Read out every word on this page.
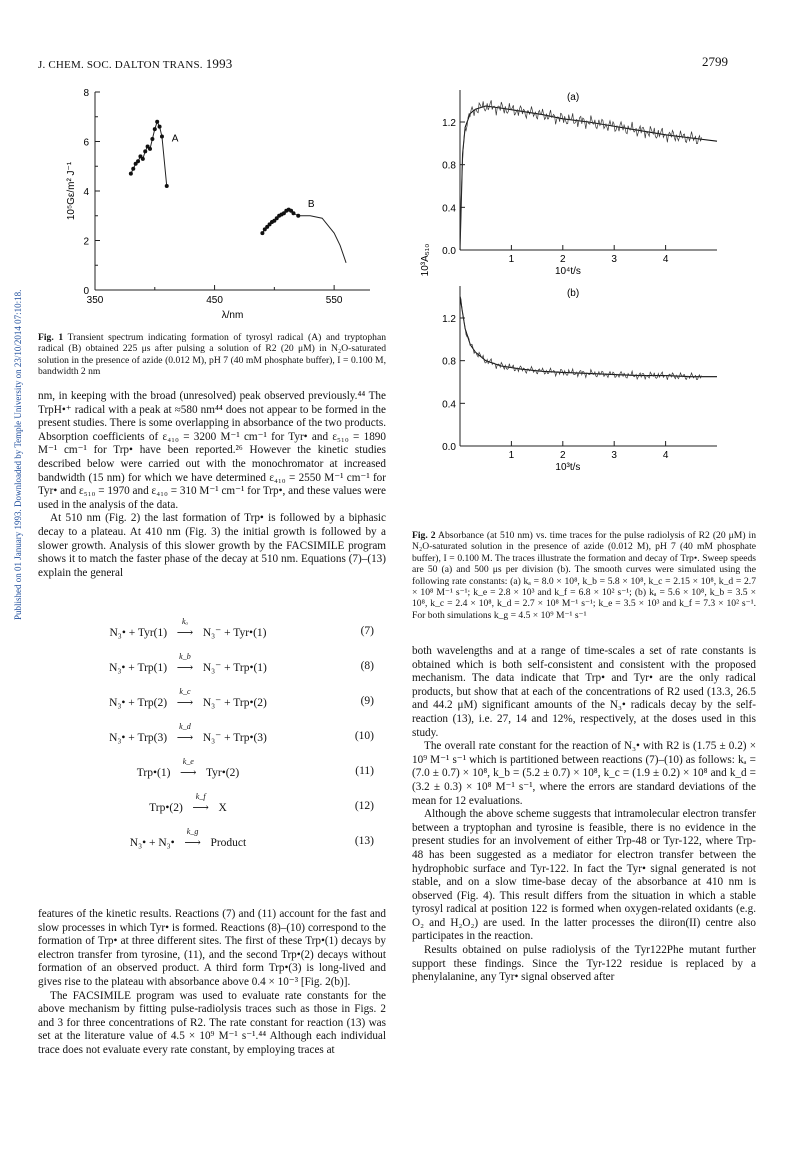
J. CHEM. SOC. DALTON TRANS. 1993	2799
Published on 01 January 1993. Downloaded by Temple University on 23/10/2014 07:10:18.	0
2
4
6
8
350	450	550
λ/nm
10⁵Gε/m² J⁻¹
A
B
Fig. 1 Transient spectrum indicating formation of tyrosyl radical (A) and tryptophan radical (B) obtained 225 μs after pulsing a solution of R2 (20 μM) in N₂O-saturated solution in the presence of azide (0.012 M), pH 7 (40 mM phosphate buffer), I = 0.100 M, bandwidth 2 nm

nm, in keeping with the broad (unresolved) peak observed previously.⁴⁴ The TrpH•⁺ radical with a peak at ≈580 nm⁴⁴ does not appear to be formed in the present studies. There is some overlapping in absorbance of the two products. Absorption coefficients of ε₄₁₀ = 3200 M⁻¹ cm⁻¹ for Tyr• and ε₅₁₀ = 1890 M⁻¹ cm⁻¹ for Trp• have been reported.²⁶ However the kinetic studies described below were carried out with the monochromator at increased bandwidth (15 nm) for which we have determined ε₄₁₀ = 2550 M⁻¹ cm⁻¹ for Tyr• and ε₅₁₀ = 1970 and ε₄₁₀ = 310 M⁻¹ cm⁻¹ for Trp•, and these values were used in the analysis of the data.

At 510 nm (Fig. 2) the last formation of Trp• is followed by a biphasic decay to a plateau. At 410 nm (Fig. 3) the initial growth is followed by a slower growth. Analysis of this slower growth by the FACSIMILE program shows it to match the faster phase of the decay at 510 nm. Equations (7)–(13) explain the general

N₃• + Tyr(1)
kₐ
⟶ N₃⁻ + Tyr•(1)	(7)
N₃• + Trp(1)
k_b
⟶ N₃⁻ + Trp•(1)	(8)
N₃• + Trp(2)
k_c
⟶ N₃⁻ + Trp•(2)	(9)
N₃• + Trp(3)
k_d
⟶ N₃⁻ + Trp•(3)	(10)
Trp•(1)
k_e
⟶ Tyr•(2)	(11)
Trp•(2)
k_f
⟶ X	(12)
N₃• + N₃•
k_g
⟶ Product	(13)

features of the kinetic results. Reactions (7) and (11) account for the fast and slow processes in which Tyr• is formed. Reactions (8)–(10) correspond to the formation of Trp• at three different sites. The first of these Trp•(1) decays by electron transfer from tyrosine, (11), and the second Trp•(2) decays without formation of an observed product. A third form Trp•(3) is long-lived and gives rise to the plateau with absorbance above 0.4 × 10⁻³ [Fig. 2(b)].

The FACSIMILE program was used to evaluate rate constants for the above mechanism by fitting pulse-radiolysis traces such as those in Figs. 2 and 3 for three concentrations of R2. The rate constant for reaction (13) was set at the literature value of 4.5 × 10⁹ M⁻¹ s⁻¹.⁴⁴ Although each individual trace does not evaluate every rate constant, by employing traces at

0.0
0.4
0.8
1.2
1	2	3	4
10⁴t/s
(a)
0.0
0.4
0.8
1.2
1	2	3	4
10³t/s
(b)
10³A₅₁₀
Fig. 2 Absorbance (at 510 nm) vs. time traces for the pulse radiolysis of R2 (20 μM) in N₂O-saturated solution in the presence of azide (0.012 M), pH 7 (40 mM phosphate buffer), I = 0.100 M. The traces illustrate the formation and decay of Trp•. Sweep speeds are 50 (a) and 500 μs per division (b). The smooth curves were simulated using the following rate constants: (a) kₐ = 8.0 × 10⁸, k_b = 5.8 × 10⁸, k_c = 2.15 × 10⁸, k_d = 2.7 × 10⁸ M⁻¹ s⁻¹; k_e = 2.8 × 10³ and k_f = 6.8 × 10² s⁻¹; (b) kₐ = 5.6 × 10⁸, k_b = 3.5 × 10⁸, k_c = 2.4 × 10⁸, k_d = 2.7 × 10⁸ M⁻¹ s⁻¹; k_e = 3.5 × 10³ and k_f = 7.3 × 10² s⁻¹. For both simulations k_g = 4.5 × 10⁹ M⁻¹ s⁻¹

both wavelengths and at a range of time-scales a set of rate constants is obtained which is both self-consistent and consistent with the proposed mechanism. The data indicate that Trp• and Tyr• are the only radical products, but show that at each of the concentrations of R2 used (13.3, 26.5 and 44.2 μM) significant amounts of the N₃• radicals decay by the self-reaction (13), i.e. 27, 14 and 12%, respectively, at the doses used in this study.

The overall rate constant for the reaction of N₃• with R2 is (1.75 ± 0.2) × 10⁹ M⁻¹ s⁻¹ which is partitioned between reactions (7)–(10) as follows: kₐ = (7.0 ± 0.7) × 10⁸, k_b = (5.2 ± 0.7) × 10⁸, k_c = (1.9 ± 0.2) × 10⁸ and k_d = (3.2 ± 0.3) × 10⁸ M⁻¹ s⁻¹, where the errors are standard deviations of the mean for 12 evaluations.

Although the above scheme suggests that intramolecular electron transfer between a tryptophan and tyrosine is feasible, there is no evidence in the present studies for an involvement of either Trp-48 or Tyr-122, where Trp-48 has been suggested as a mediator for electron transfer between the hydrophobic surface and Tyr-122. In fact the Tyr• signal generated is not stable, and on a slow time-base decay of the absorbance at 410 nm is observed (Fig. 4). This result differs from the situation in which a stable tyrosyl radical at position 122 is formed when oxygen-related oxidants (e.g. O₂ and H₂O₂) are used. In the latter processes the diiron(II) centre also participates in the reaction.

Results obtained on pulse radiolysis of the Tyr122Phe mutant further support these findings. Since the Tyr-122 residue is replaced by a phenylalanine, any Tyr• signal observed after
